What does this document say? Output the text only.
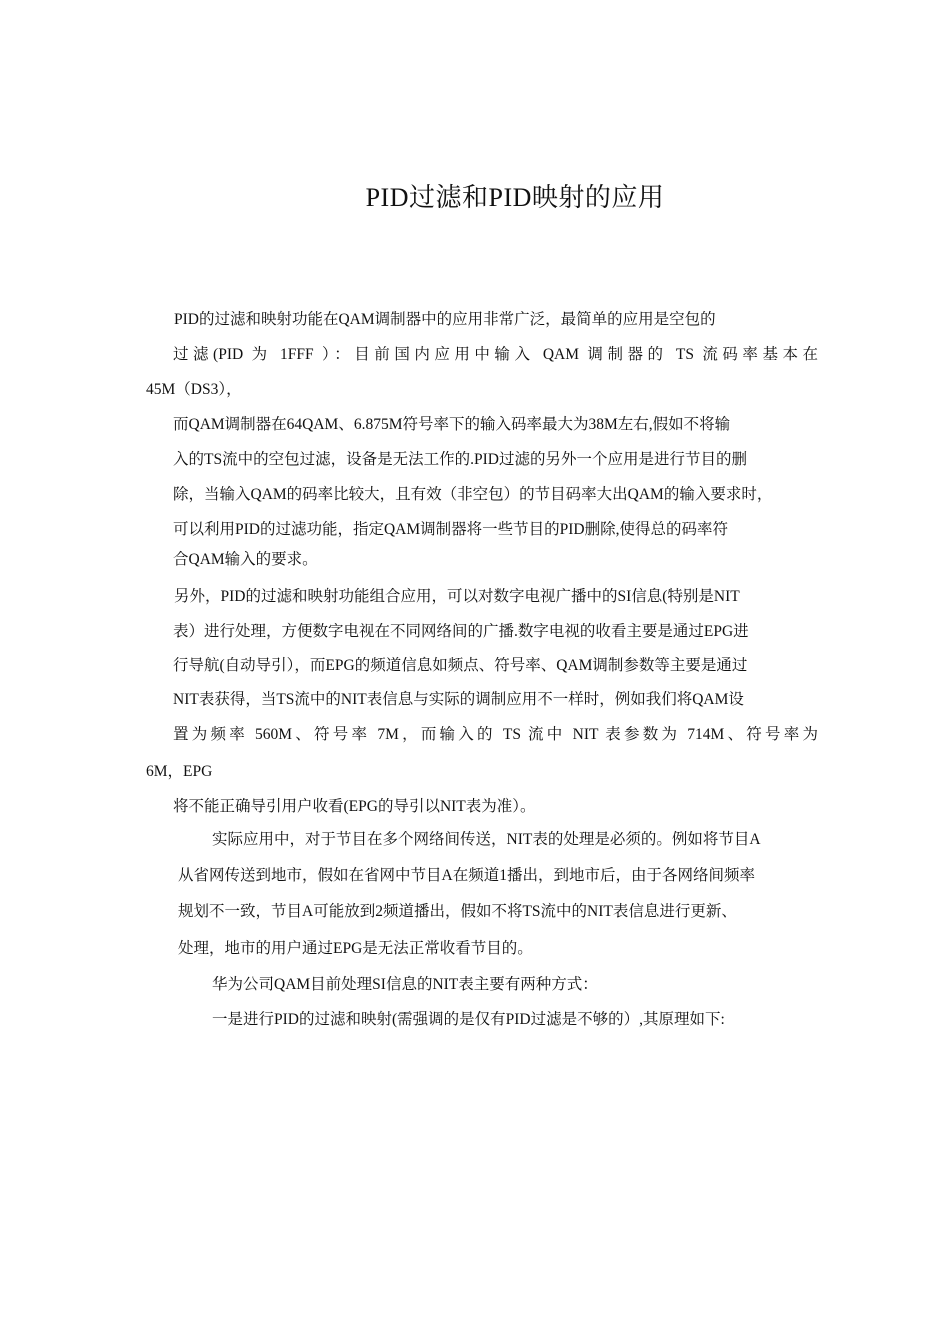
PID过滤和PID映射的应用
PID的过滤和映射功能在QAM调制器中的应用非常广泛，最简单的应用是空包的
过滤(PID 为 1FFF ）：目前国内应用中输入 QAM 调制器的 TS 流码率基本在
45M（DS3），
而QAM调制器在64QAM、6.875M符号率下的输入码率最大为38M左右,假如不将输
入的TS流中的空包过滤，设备是无法工作的.PID过滤的另外一个应用是进行节目的删
除，当输入QAM的码率比较大，且有效（非空包）的节目码率大出QAM的输入要求时，
可以利用PID的过滤功能，指定QAM调制器将一些节目的PID删除,使得总的码率符
合QAM输入的要求。
另外，PID的过滤和映射功能组合应用，可以对数字电视广播中的SI信息(特别是NIT
表）进行处理，方便数字电视在不同网络间的广播.数字电视的收看主要是通过EPG进
行导航(自动导引），而EPG的频道信息如频点、符号率、QAM调制参数等主要是通过
NIT表获得，当TS流中的NIT表信息与实际的调制应用不一样时，例如我们将QAM设
置为频率 560M、符号率 7M，而输入的 TS 流中 NIT 表参数为 714M、符号率为
6M，EPG
将不能正确导引用户收看(EPG的导引以NIT表为准）。
实际应用中，对于节目在多个网络间传送，NIT表的处理是必须的。例如将节目A
从省网传送到地市，假如在省网中节目A在频道1播出，到地市后，由于各网络间频率
规划不一致，节目A可能放到2频道播出，假如不将TS流中的NIT表信息进行更新、
处理，地市的用户通过EPG是无法正常收看节目的。
华为公司QAM目前处理SI信息的NIT表主要有两种方式：
一是进行PID的过滤和映射(需强调的是仅有PID过滤是不够的）,其原理如下:
